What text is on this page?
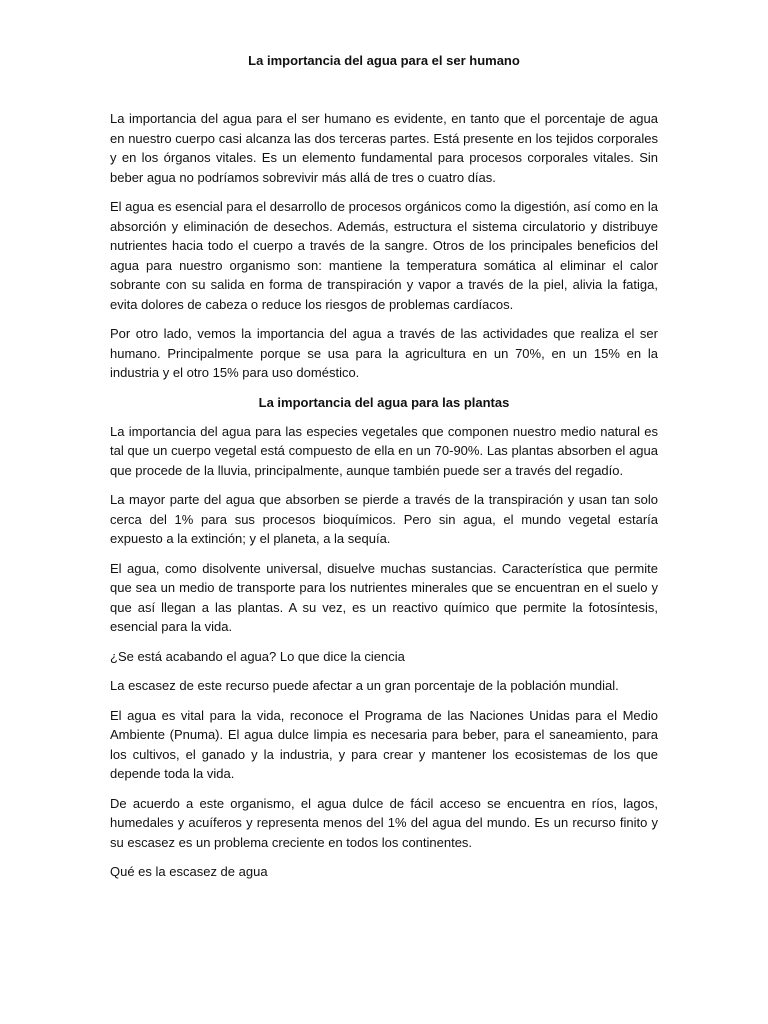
La importancia del agua para el ser humano

La importancia del agua para el ser humano es evidente, en tanto que el porcentaje de agua en nuestro cuerpo casi alcanza las dos terceras partes. Está presente en los tejidos corporales y en los órganos vitales. Es un elemento fundamental para procesos corporales vitales. Sin beber agua no podríamos sobrevivir más allá de tres o cuatro días.

El agua es esencial para el desarrollo de procesos orgánicos como la digestión, así como en la absorción y eliminación de desechos. Además, estructura el sistema circulatorio y distribuye nutrientes hacia todo el cuerpo a través de la sangre. Otros de los principales beneficios del agua para nuestro organismo son: mantiene la temperatura somática al eliminar el calor sobrante con su salida en forma de transpiración y vapor a través de la piel, alivia la fatiga, evita dolores de cabeza o reduce los riesgos de problemas cardíacos.

Por otro lado, vemos la importancia del agua a través de las actividades que realiza el ser humano. Principalmente porque se usa para la agricultura en un 70%, en un 15% en la industria y el otro 15% para uso doméstico.

La importancia del agua para las plantas

La importancia del agua para las especies vegetales que componen nuestro medio natural es tal que un cuerpo vegetal está compuesto de ella en un 70-90%. Las plantas absorben el agua que procede de la lluvia, principalmente, aunque también puede ser a través del regadío.

La mayor parte del agua que absorben se pierde a través de la transpiración y usan tan solo cerca del 1% para sus procesos bioquímicos. Pero sin agua, el mundo vegetal estaría expuesto a la extinción; y el planeta, a la sequía.

El agua, como disolvente universal, disuelve muchas sustancias. Característica que permite que sea un medio de transporte para los nutrientes minerales que se encuentran en el suelo y que así llegan a las plantas. A su vez, es un reactivo químico que permite la fotosíntesis, esencial para la vida.

¿Se está acabando el agua? Lo que dice la ciencia

La escasez de este recurso puede afectar a un gran porcentaje de la población mundial.

El agua es vital para la vida, reconoce el Programa de las Naciones Unidas para el Medio Ambiente (Pnuma). El agua dulce limpia es necesaria para beber, para el saneamiento, para los cultivos, el ganado y la industria, y para crear y mantener los ecosistemas de los que depende toda la vida.

De acuerdo a este organismo, el agua dulce de fácil acceso se encuentra en ríos, lagos, humedales y acuíferos y representa menos del 1% del agua del mundo. Es un recurso finito y su escasez es un problema creciente en todos los continentes.

Qué es la escasez de agua
